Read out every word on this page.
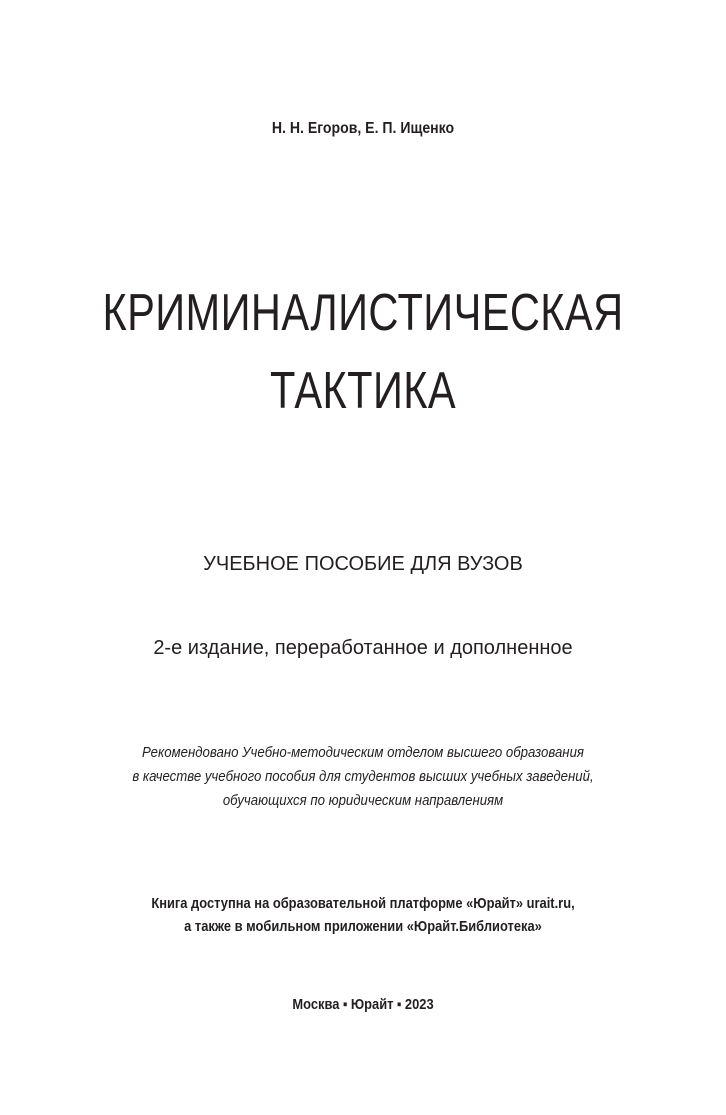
Н. Н. Егоров, Е. П. Ищенко
КРИМИНАЛИСТИЧЕСКАЯ
ТАКТИКА
УЧЕБНОЕ ПОСОБИЕ ДЛЯ ВУЗОВ
2-е издание, переработанное и дополненное
Рекомендовано Учебно-методическим отделом высшего образования
в качестве учебного пособия для студентов высших учебных заведений,
обучающихся по юридическим направлениям
Книга доступна на образовательной платформе «Юрайт» urait.ru,
а также в мобильном приложении «Юрайт.Библиотека»
Москва ▪ Юрайт ▪ 2023
